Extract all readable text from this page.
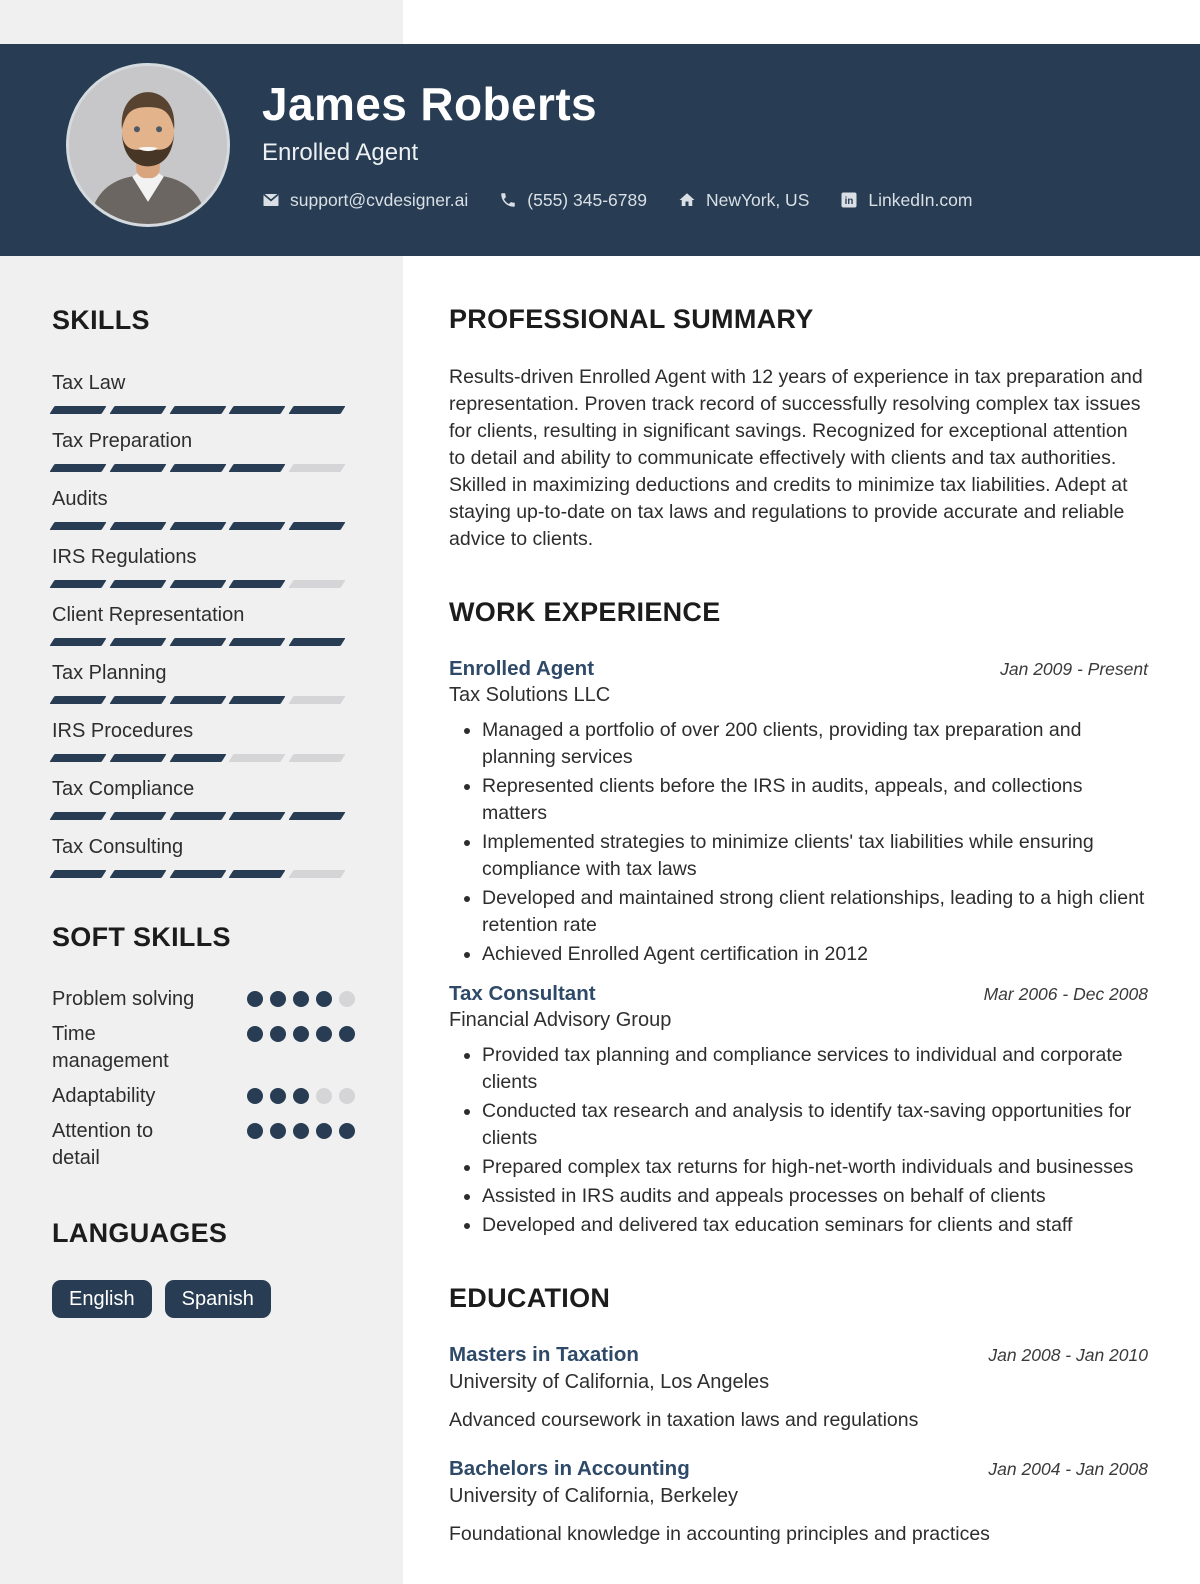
James Roberts
Enrolled Agent
support@cvdesigner.ai	(555) 345-6789	NewYork, US	in LinkedIn.com
SKILLS
Tax Law
Tax Preparation
Audits
IRS Regulations
Client Representation
Tax Planning
IRS Procedures
Tax Compliance
Tax Consulting
SOFT SKILLS
Problem solving
Time management
Adaptability
Attention to detail
LANGUAGES
English	Spanish
PROFESSIONAL SUMMARY

Results-driven Enrolled Agent with 12 years of experience in tax preparation and representation. Proven track record of successfully resolving complex tax issues for clients, resulting in significant savings. Recognized for exceptional attention to detail and ability to communicate effectively with clients and tax authorities. Skilled in maximizing deductions and credits to minimize tax liabilities. Adept at staying up-to-date on tax laws and regulations to provide accurate and reliable advice to clients.

WORK EXPERIENCE
Enrolled Agent	Jan 2009 - Present
Tax Solutions LLC
• Managed a portfolio of over 200 clients, providing tax preparation and planning services
• Represented clients before the IRS in audits, appeals, and collections matters
• Implemented strategies to minimize clients' tax liabilities while ensuring compliance with tax laws
• Developed and maintained strong client relationships, leading to a high client retention rate
• Achieved Enrolled Agent certification in 2012
Tax Consultant	Mar 2006 - Dec 2008
Financial Advisory Group
• Provided tax planning and compliance services to individual and corporate clients
• Conducted tax research and analysis to identify tax-saving opportunities for clients
• Prepared complex tax returns for high-net-worth individuals and businesses
• Assisted in IRS audits and appeals processes on behalf of clients
• Developed and delivered tax education seminars for clients and staff
EDUCATION
Masters in Taxation	Jan 2008 - Jan 2010
University of California, Los Angeles
Advanced coursework in taxation laws and regulations
Bachelors in Accounting	Jan 2004 - Jan 2008
University of California, Berkeley
Foundational knowledge in accounting principles and practices
